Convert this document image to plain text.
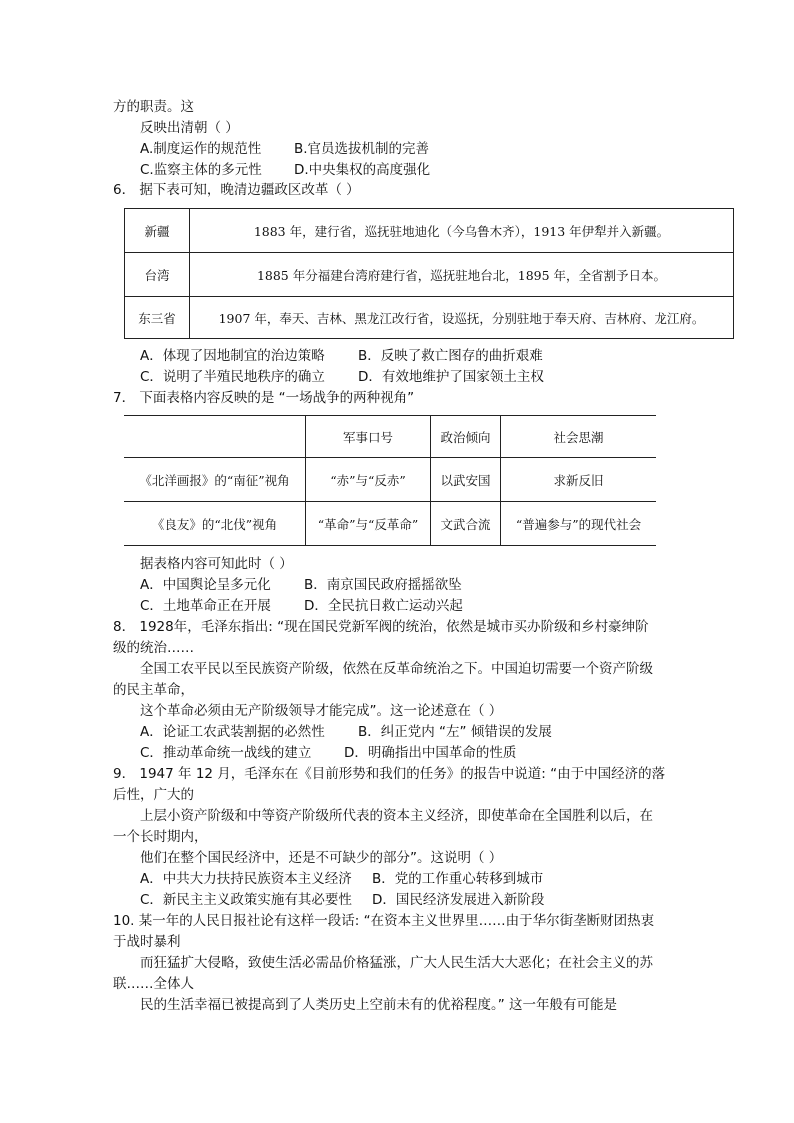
方的职责。这
反映出清朝（ ）
A.制度运作的规范性 B.官员选拔机制的完善
C.监察主体的多元性 D.中央集权的高度强化
6． 据下表可知，晚清边疆政区改革（ ）
新疆	1883 年，建行省，巡抚驻地迪化（今乌鲁木齐），1913 年伊犁并入新疆。
台湾	1885 年分福建台湾府建行省，巡抚驻地台北，1895 年，全省割予日本。
东三省	1907 年，奉天、吉林、黑龙江改行省，设巡抚，分别驻地于奉天府、吉林府、龙江府。
A．体现了因地制宜的治边策略 B．反映了救亡图存的曲折艰难
C．说明了半殖民地秩序的确立 D．有效地维护了国家领土主权
7． 下面表格内容反映的是 “一场战争的两种视角”
	军事口号	政治倾向	社会思潮
《北洋画报》的“南征”视角	“赤”与“反赤”	以武安国	求新反旧
《良友》的“北伐”视角	“革命”与“反革命”	文武合流	“普遍参与”的现代社会
据表格内容可知此时（ ）
A．中国舆论呈多元化 B．南京国民政府摇摇欲坠
C．土地革命正在开展 D．全民抗日救亡运动兴起
8． 1928年，毛泽东指出: “现在国民党新军阀的统治，依然是城市买办阶级和乡村豪绅阶
级的统治……
全国工农平民以至民族资产阶级，依然在反革命统治之下。中国迫切需要一个资产阶级
的民主革命，
这个革命必须由无产阶级领导才能完成”。这一论述意在（ ）
A．论证工农武装割据的必然性 B．纠正党内 “左” 倾错误的发展
C．推动革命统一战线的建立 D．明确指出中国革命的性质
9． 1947 年 12 月，毛泽东在《目前形势和我们的任务》的报告中说道: “由于中国经济的落
后性，广大的
上层小资产阶级和中等资产阶级所代表的资本主义经济，即使革命在全国胜利以后，在
一个长时期内，
他们在整个国民经济中，还是不可缺少的部分”。这说明（ ）
A．中共大力扶持民族资本主义经济 B．党的工作重心转移到城市
C．新民主主义政策实施有其必要性 D．国民经济发展进入新阶段
10. 某一年的人民日报社论有这样一段话: “在资本主义世界里……由于华尔街垄断财团热衷
于战时暴利
而狂猛扩大侵略，致使生活必需品价格猛涨，广大人民生活大大恶化；在社会主义的苏
联……全体人
民的生活幸福已被提高到了人类历史上空前未有的优裕程度。” 这一年般有可能是
